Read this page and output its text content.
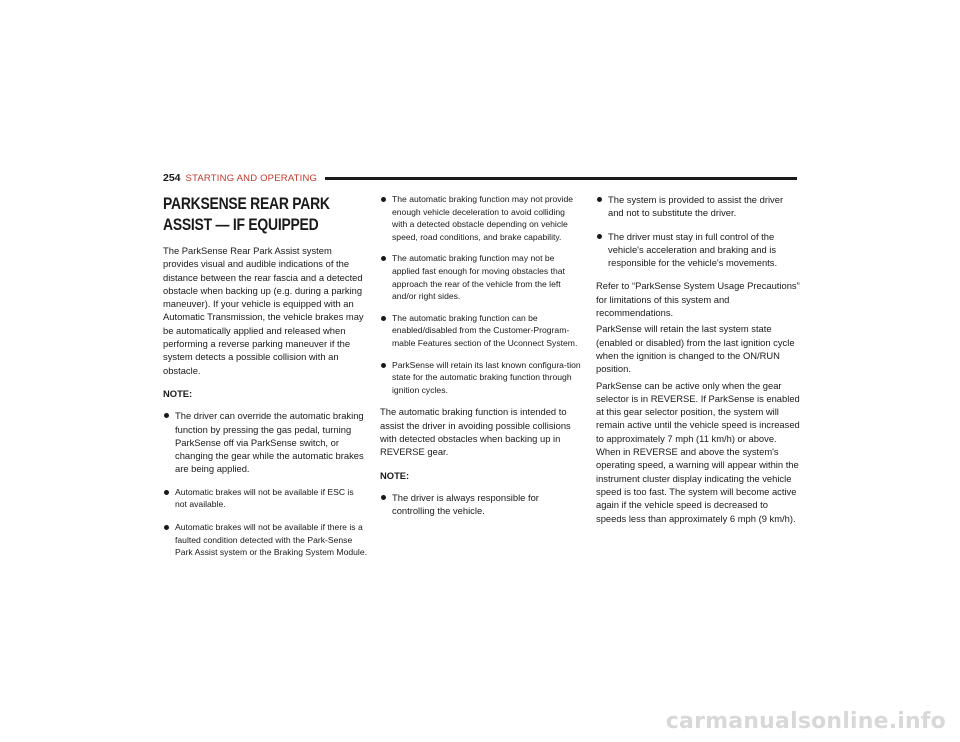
254 STARTING AND OPERATING
PARKSENSE REAR PARK ASSIST — IF EQUIPPED

The ParkSense Rear Park Assist system provides visual and audible indications of the distance between the rear fascia and a detected obstacle when backing up (e.g. during a parking maneuver). If your vehicle is equipped with an Automatic Transmission, the vehicle brakes may be automatically applied and released when performing a reverse parking maneuver if the system detects a possible collision with an obstacle.

NOTE:
The driver can override the automatic braking function by pressing the gas pedal, turning ParkSense off via ParkSense switch, or changing the gear while the automatic brakes are being applied.
Automatic brakes will not be available if ESC is not available.
Automatic brakes will not be available if there is a faulted condition detected with the Park-Sense Park Assist system or the Braking System Module.
The automatic braking function may not provide enough vehicle deceleration to avoid colliding with a detected obstacle depending on vehicle speed, road conditions, and brake capability.
The automatic braking function may not be applied fast enough for moving obstacles that approach the rear of the vehicle from the left and/or right sides.
The automatic braking function can be enabled/disabled from the Customer-Program-mable Features section of the Uconnect System.
ParkSense will retain its last known configura-tion state for the automatic braking function through ignition cycles.

The automatic braking function is intended to assist the driver in avoiding possible collisions with detected obstacles when backing up in REVERSE gear.

NOTE:
The driver is always responsible for controlling the vehicle.
The system is provided to assist the driver and not to substitute the driver.
The driver must stay in full control of the vehicle's acceleration and braking and is responsible for the vehicle's movements.

Refer to “ParkSense System Usage Precautions” for limitations of this system and recommendations.

ParkSense will retain the last system state (enabled or disabled) from the last ignition cycle when the ignition is changed to the ON/RUN position.

ParkSense can be active only when the gear selector is in REVERSE. If ParkSense is enabled at this gear selector position, the system will remain active until the vehicle speed is increased to approximately 7 mph (11 km/h) or above. When in REVERSE and above the system's operating speed, a warning will appear within the instrument cluster display indicating the vehicle speed is too fast. The system will become active again if the vehicle speed is decreased to speeds less than approximately 6 mph (9 km/h).

carmanualsonline.info
